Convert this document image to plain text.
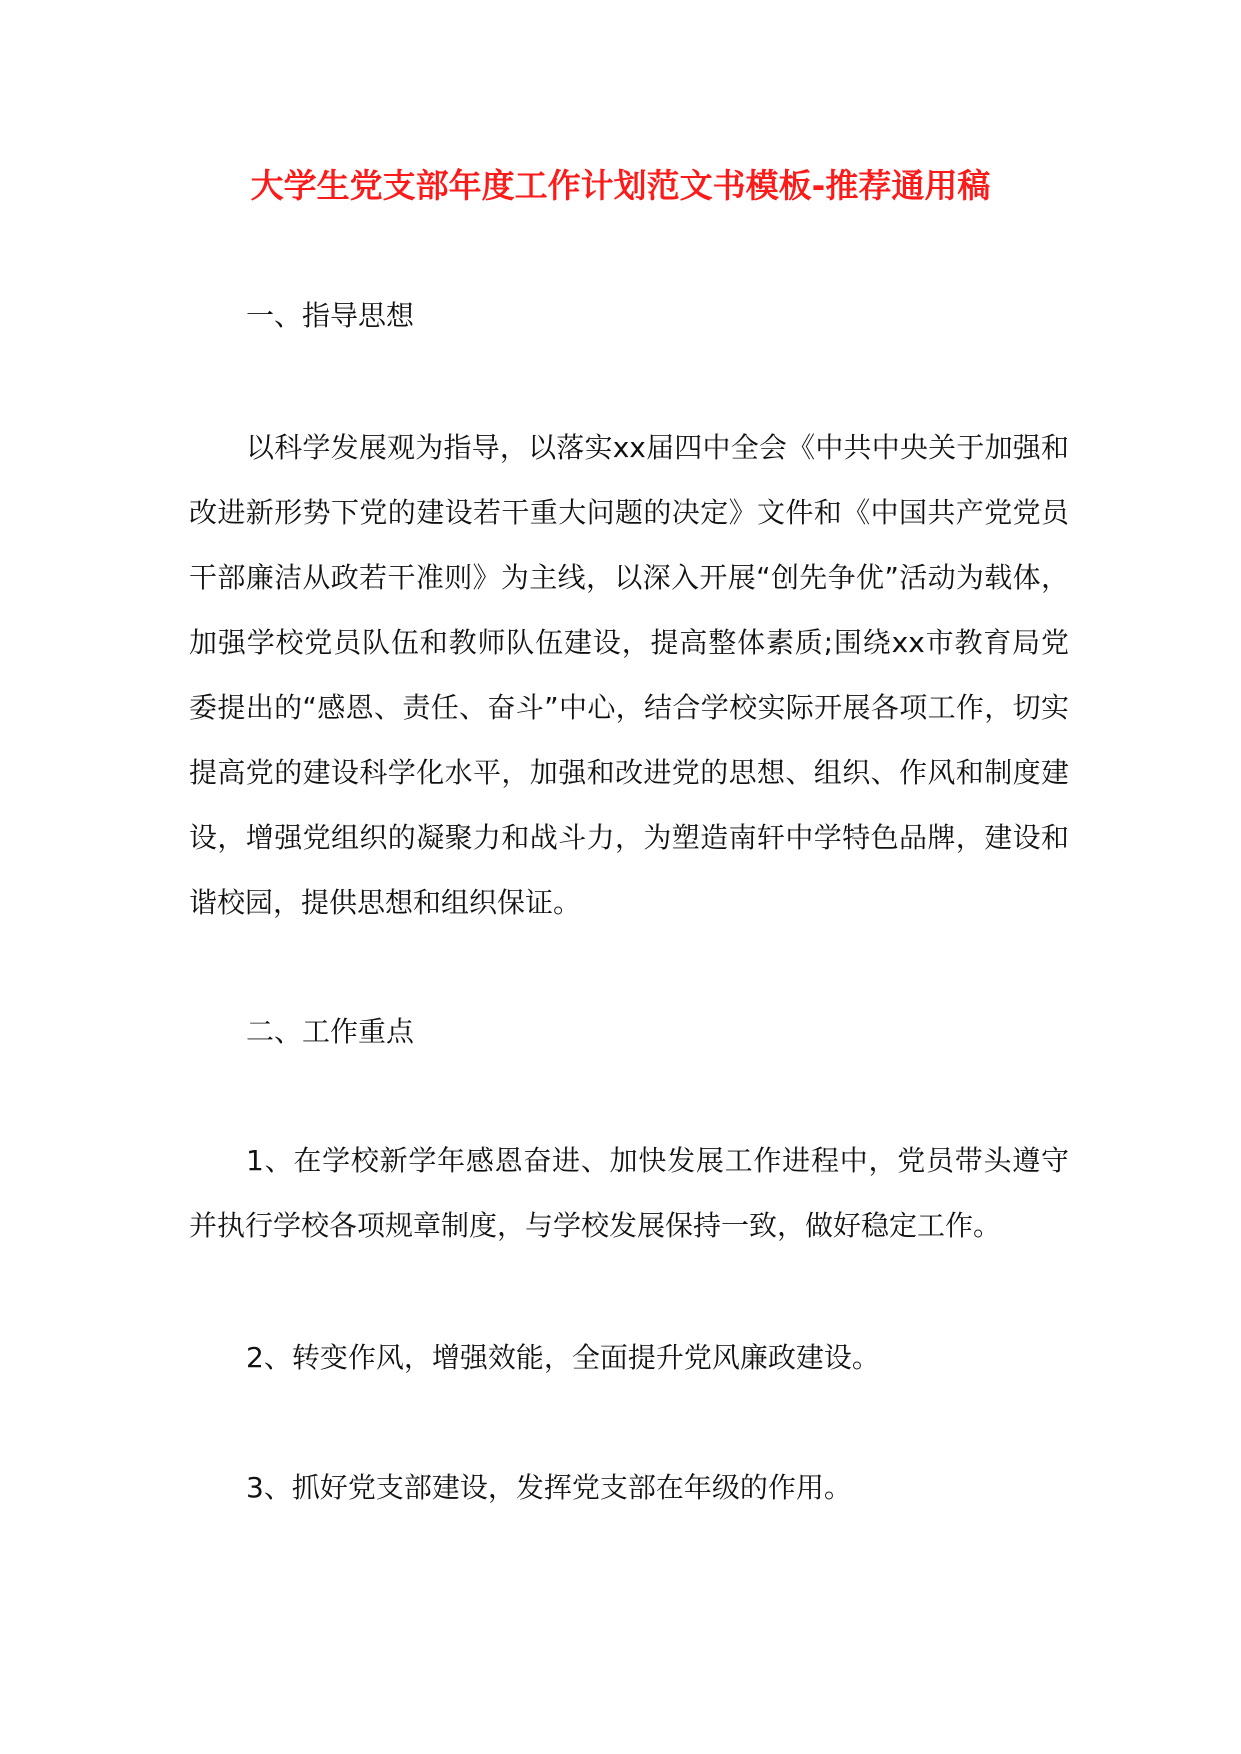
大学生党支部年度工作计划范文书模板-推荐通用稿

一、指导思想

以科学发展观为指导，以落实xx届四中全会《中共中央关于加强和改进新形势下党的建设若干重大问题的决定》文件和《中国共产党党员干部廉洁从政若干准则》为主线，以深入开展“创先争优”活动为载体，加强学校党员队伍和教师队伍建设，提高整体素质;围绕xx市教育局党委提出的“感恩、责任、奋斗”中心，结合学校实际开展各项工作，切实提高党的建设科学化水平，加强和改进党的思想、组织、作风和制度建设，增强党组织的凝聚力和战斗力，为塑造南轩中学特色品牌，建设和谐校园，提供思想和组织保证。

二、工作重点

1、在学校新学年感恩奋进、加快发展工作进程中，党员带头遵守并执行学校各项规章制度，与学校发展保持一致，做好稳定工作。

2、转变作风，增强效能，全面提升党风廉政建设。

3、抓好党支部建设，发挥党支部在年级的作用。
